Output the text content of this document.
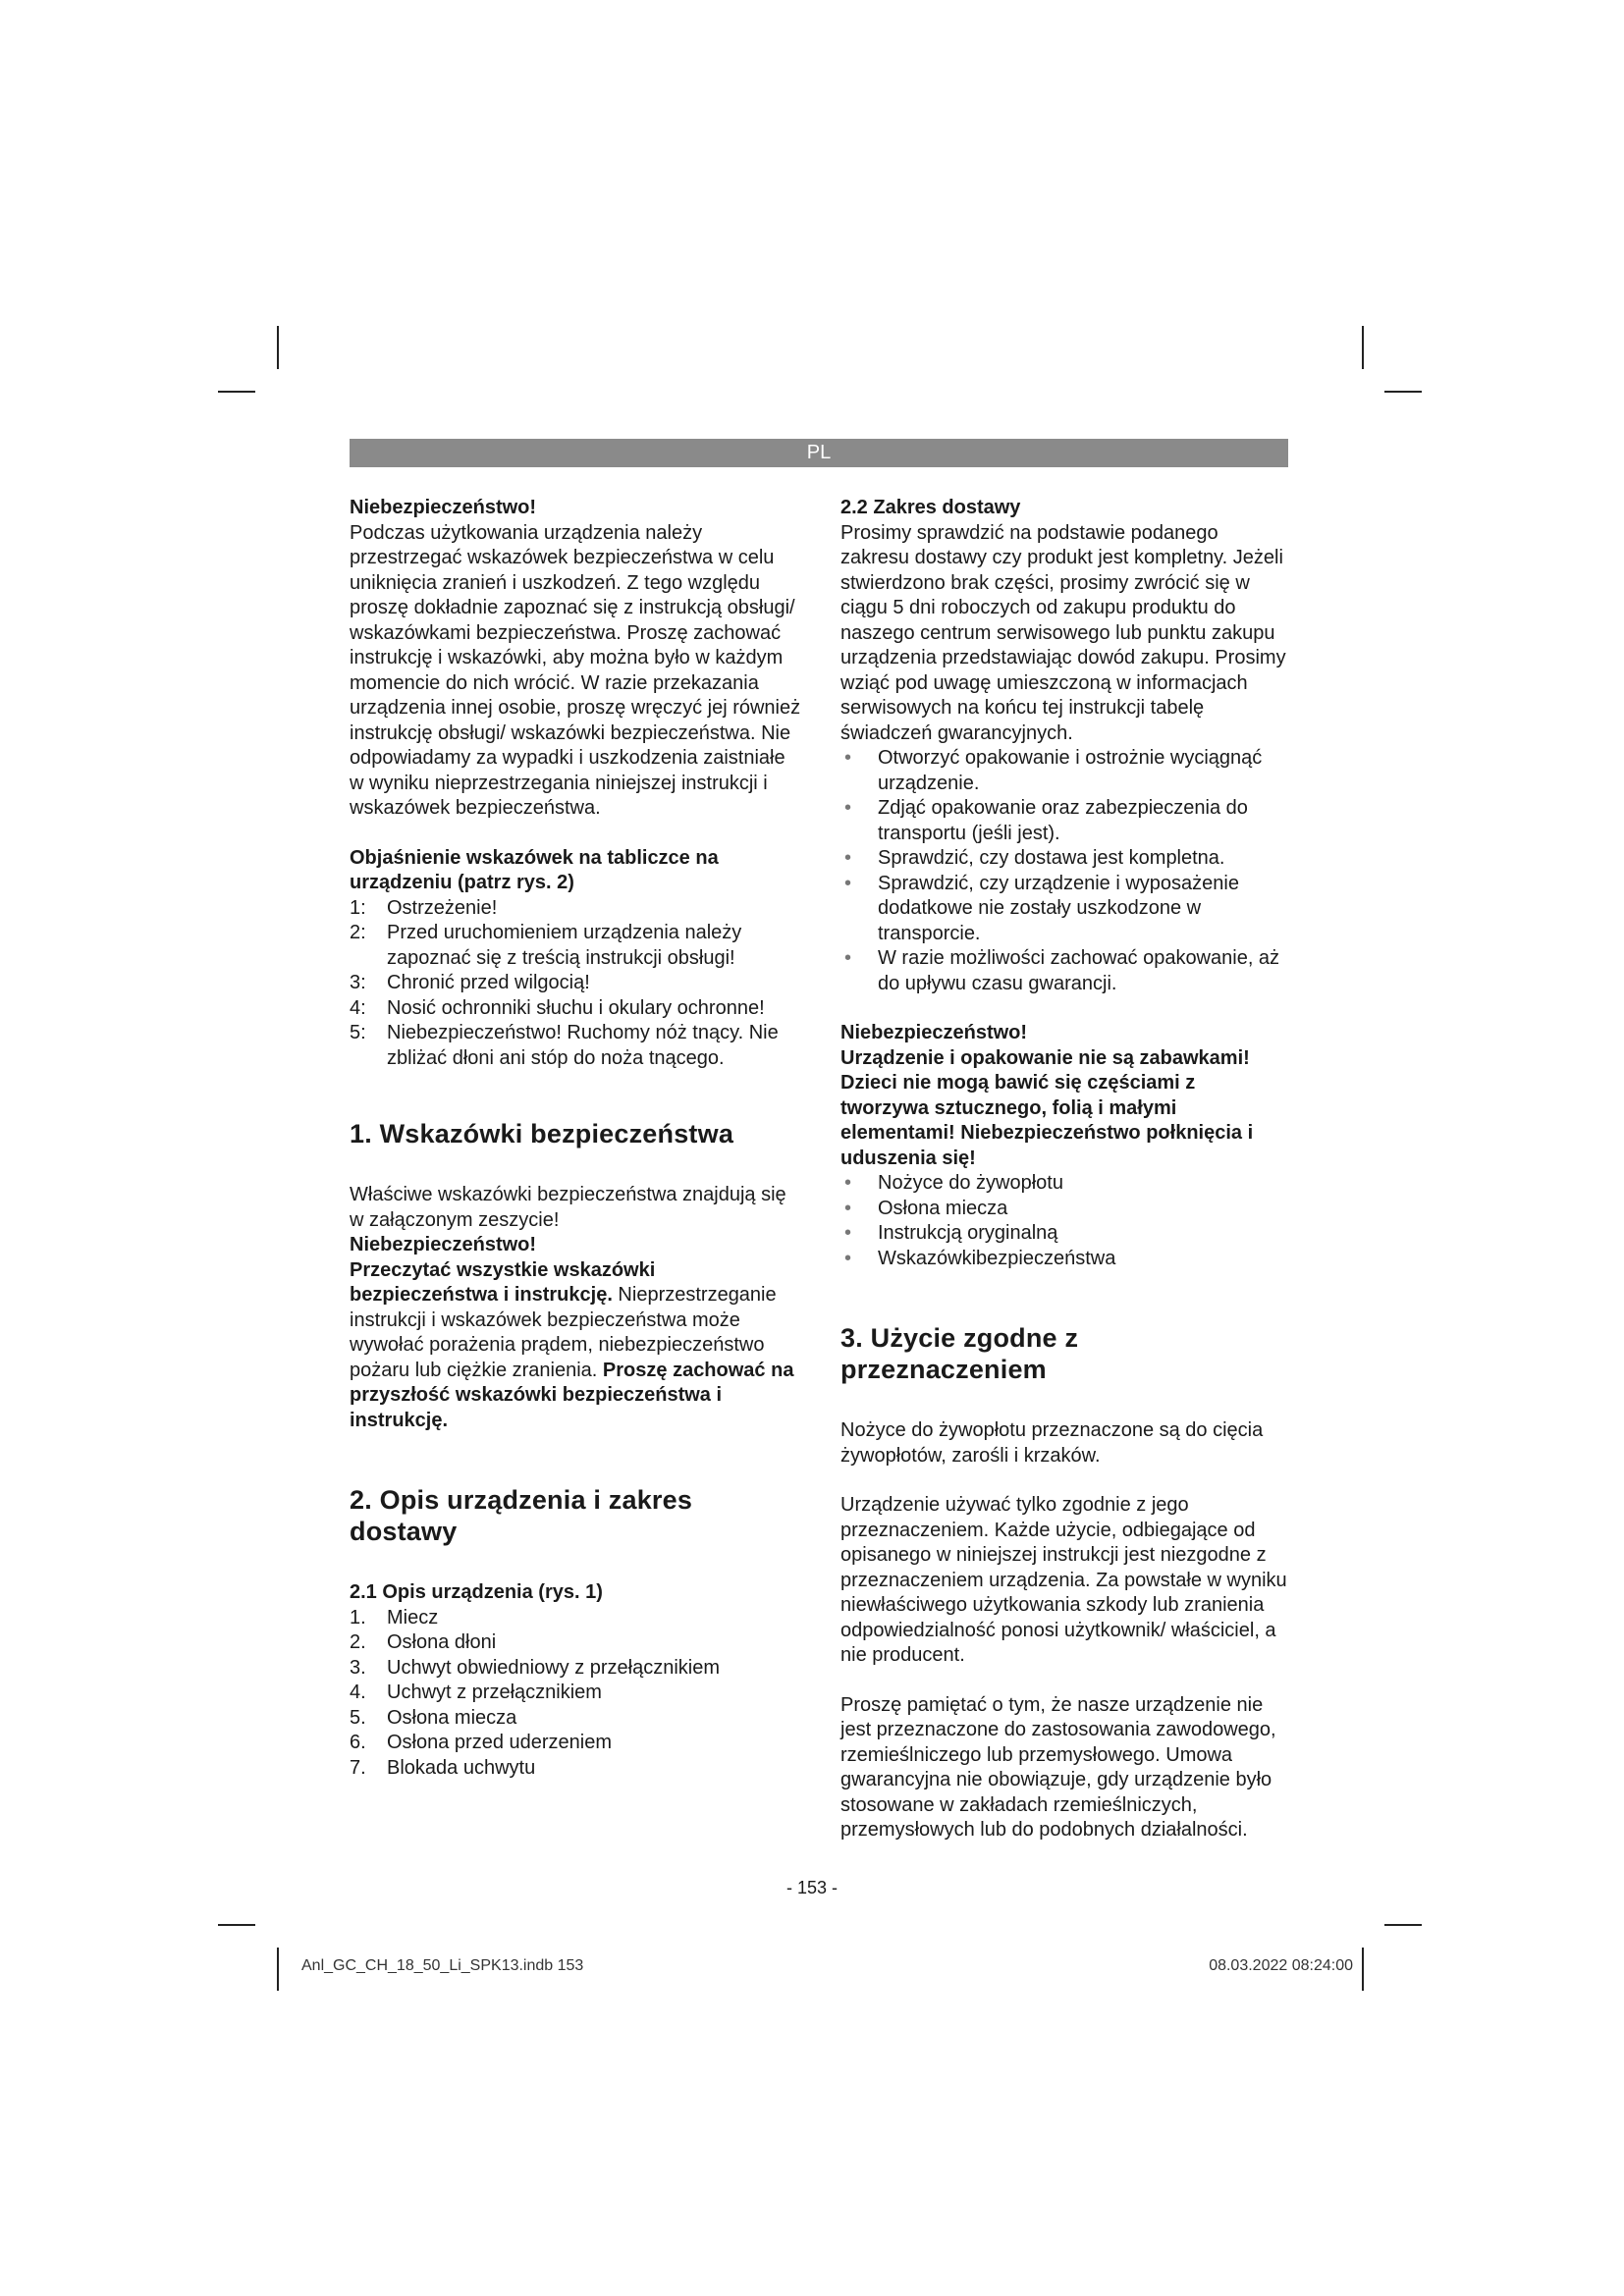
PL

Niebezpieczeństwo!

Podczas użytkowania urządzenia należy przestrzegać wskazówek bezpieczeństwa w celu uniknięcia zranień i uszkodzeń. Z tego względu proszę dokładnie zapoznać się z instrukcją obsługi/ wskazówkami bezpieczeństwa. Proszę zachować instrukcję i wskazówki, aby można było w każdym momencie do nich wrócić. W razie przekazania urządzenia innej osobie, proszę wręczyć jej również instrukcję obsługi/ wskazówki bezpieczeństwa. Nie odpowiadamy za wypadki i uszkodzenia zaistniałe w wyniku nieprzestrzegania niniejszej instrukcji i wskazówek bezpieczeństwa.

Objaśnienie wskazówek na tabliczce na urządzeniu (patrz rys. 2)

1: Ostrzeżenie!
2: Przed uruchomieniem urządzenia należy zapoznać się z treścią instrukcji obsługi!
3: Chronić przed wilgocią!
4: Nosić ochronniki słuchu i okulary ochronne!
5: Niebezpieczeństwo! Ruchomy nóż tnący. Nie zbliżać dłoni ani stóp do noża tnącego.
1. Wskazówki bezpieczeństwa

Właściwe wskazówki bezpieczeństwa znajdują się w załączonym zeszycie!

Niebezpieczeństwo!

Przeczytać wszystkie wskazówki bezpieczeństwa i instrukcję. Nieprzestrzeganie instrukcji i wskazówek bezpieczeństwa może wywołać porażenia prądem, niebezpieczeństwo pożaru lub ciężkie zranienia. Proszę zachować na przyszłość wskazówki bezpieczeństwa i instrukcję.

2. Opis urządzenia i zakres dostawy

2.1 Opis urządzenia (rys. 1)

1. Miecz
2. Osłona dłoni
3. Uchwyt obwiedniowy z przełącznikiem
4. Uchwyt z przełącznikiem
5. Osłona miecza
6. Osłona przed uderzeniem
7. Blokada uchwytu

2.2 Zakres dostawy

Prosimy sprawdzić na podstawie podanego zakresu dostawy czy produkt jest kompletny. Jeżeli stwierdzono brak części, prosimy zwrócić się w ciągu 5 dni roboczych od zakupu produktu do naszego centrum serwisowego lub punktu zakupu urządzenia przedstawiając dowód zakupu. Prosimy wziąć pod uwagę umieszczoną w informacjach serwisowych na końcu tej instrukcji tabelę świadczeń gwarancyjnych.

• Otworzyć opakowanie i ostrożnie wyciągnąć urządzenie.
• Zdjąć opakowanie oraz zabezpieczenia do transportu (jeśli jest).
• Sprawdzić, czy dostawa jest kompletna.
• Sprawdzić, czy urządzenie i wyposażenie dodatkowe nie zostały uszkodzone w transporcie.
• W razie możliwości zachować opakowanie, aż do upływu czasu gwarancji.

Niebezpieczeństwo!

Urządzenie i opakowanie nie są zabawkami! Dzieci nie mogą bawić się częściami z tworzywa sztucznego, folią i małymi elementami! Niebezpieczeństwo połknięcia i uduszenia się!

• Nożyce do żywopłotu
• Osłona miecza
• Instrukcją oryginalną
• Wskazówkibezpieczeństwa
3. Użycie zgodne z przeznaczeniem

Nożyce do żywopłotu przeznaczone są do cięcia żywopłotów, zarośli i krzaków.

Urządzenie używać tylko zgodnie z jego przeznaczeniem. Każde użycie, odbiegające od opisanego w niniejszej instrukcji jest niezgodne z przeznaczeniem urządzenia. Za powstałe w wyniku niewłaściwego użytkowania szkody lub zranienia odpowiedzialność ponosi użytkownik/ właściciel, a nie producent.

Proszę pamiętać o tym, że nasze urządzenie nie jest przeznaczone do zastosowania zawodowego, rzemieślniczego lub przemysłowego. Umowa gwarancyjna nie obowiązuje, gdy urządzenie było stosowane w zakładach rzemieślniczych, przemysłowych lub do podobnych działalności.

- 153 -
Anl_GC_CH_18_50_Li_SPK13.indb 153	08.03.2022 08:24:00
